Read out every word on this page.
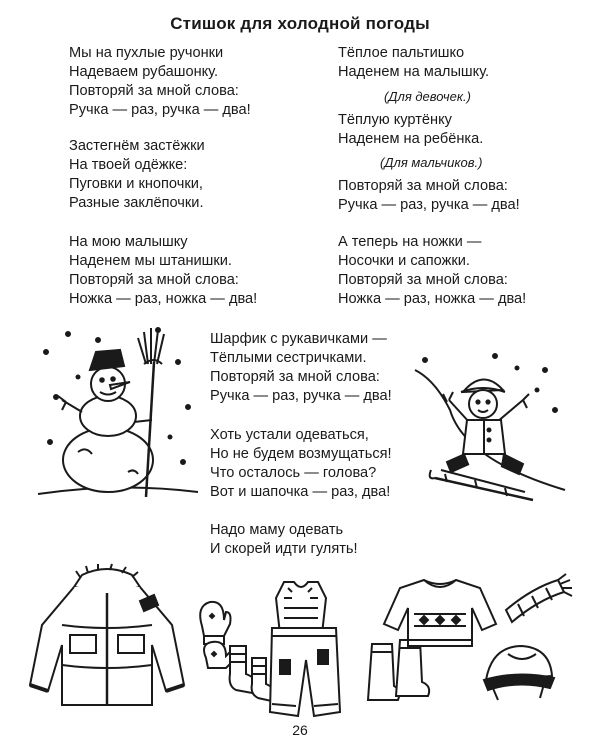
Стишок для холодной погоды
Мы на пухлые ручонки
Надеваем рубашонку.
Повторяй за мной слова:
Ручка — раз, ручка — два!
Застегнём застёжки
На твоей одёжке:
Пуговки и кнопочки,
Разные заклёпочки.
На мою малышку
Наденем мы штанишки.
Повторяй за мной слова:
Ножка — раз, ножка — два!
Тёплое пальтишко
Наденем на малышку.
(Для девочек.)
Тёплую куртёнку
Наденем на ребёнка.
(Для мальчиков.)
Повторяй за мной слова:
Ручка — раз, ручка — два!
А теперь на ножки —
Носочки и сапожки.
Повторяй за мной слова:
Ножка — раз, ножка — два!
Шарфик с рукавичками —
Тёплыми сестричками.
Повторяй за мной слова:
Ручка — раз, ручка — два!
Хоть устали одеваться,
Но не будем возмущаться!
Что осталось — голова?
Вот и шапочка — раз, два!
Надо маму одевать
И скорей идти гулять!
26
